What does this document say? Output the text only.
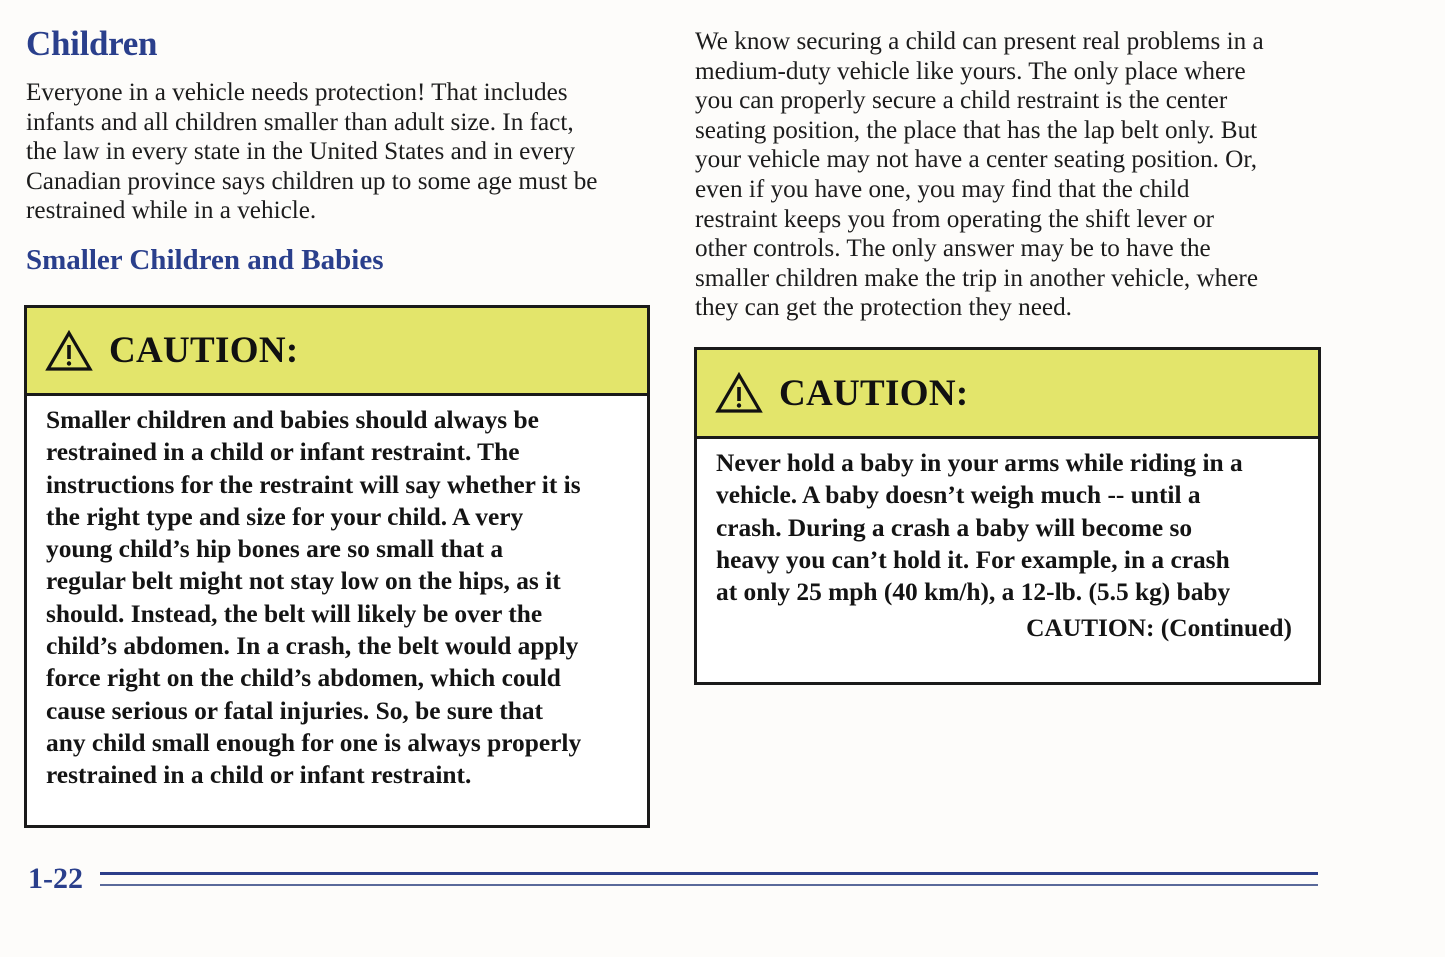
Children
Everyone in a vehicle needs protection! That includes
infants and all children smaller than adult size. In fact,
the law in every state in the United States and in every
Canadian province says children up to some age must be
restrained while in a vehicle.
Smaller Children and Babies
CAUTION:
Smaller children and babies should always be
restrained in a child or infant restraint. The
instructions for the restraint will say whether it is
the right type and size for your child. A very
young child’s hip bones are so small that a
regular belt might not stay low on the hips, as it
should. Instead, the belt will likely be over the
child’s abdomen. In a crash, the belt would apply
force right on the child’s abdomen, which could
cause serious or fatal injuries. So, be sure that
any child small enough for one is always properly
restrained in a child or infant restraint.
We know securing a child can present real problems in a
medium-duty vehicle like yours. The only place where
you can properly secure a child restraint is the center
seating position, the place that has the lap belt only. But
your vehicle may not have a center seating position. Or,
even if you have one, you may find that the child
restraint keeps you from operating the shift lever or
other controls. The only answer may be to have the
smaller children make the trip in another vehicle, where
they can get the protection they need.
CAUTION:
Never hold a baby in your arms while riding in a
vehicle. A baby doesn’t weigh much -- until a
crash. During a crash a baby will become so
heavy you can’t hold it. For example, in a crash
at only 25 mph (40 km/h), a 12-lb. (5.5 kg) baby
CAUTION: (Continued)
1-22
